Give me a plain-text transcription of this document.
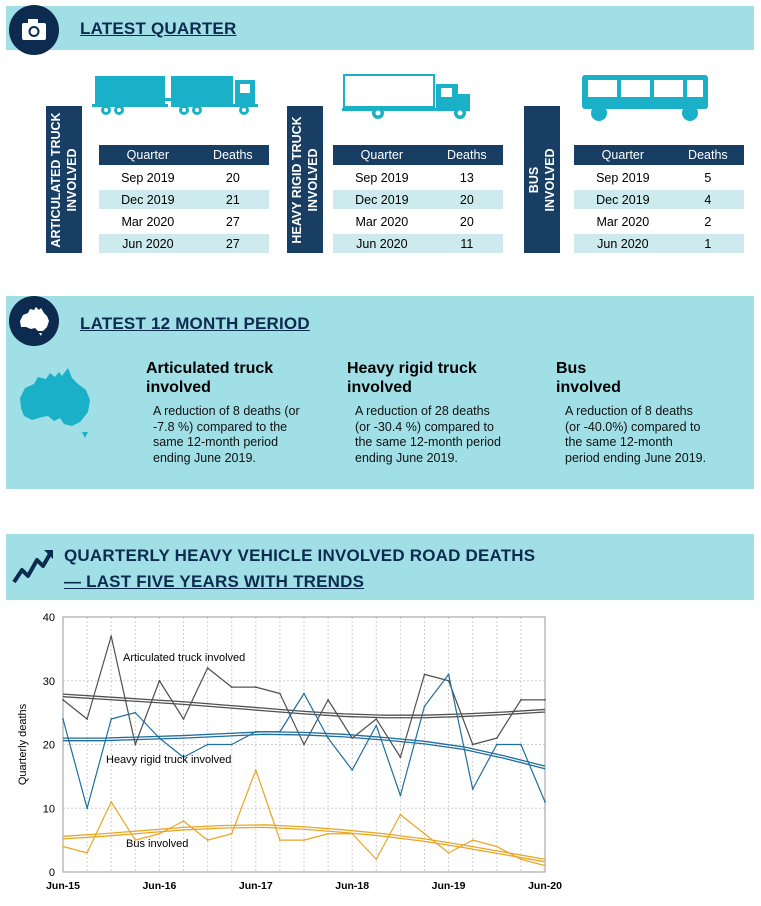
LATEST QUARTER
ARTICULATED TRUCK INVOLVED	Quarter	Deaths
Sep 2019	20
Dec 2019	21
Mar 2020	27
Jun 2020	27
HEAVY RIGID TRUCK INVOLVED	Quarter	Deaths
Sep 2019	13
Dec 2019	20
Mar 2020	20
Jun 2020	11
BUS INVOLVED	Quarter	Deaths
Sep 2019	5
Dec 2019	4
Mar 2020	2
Jun 2020	1
LATEST 12 MONTH PERIOD
Articulated truck
involved
A reduction of 8 deaths (or
-7.8 %) compared to the
same 12-month period
ending June 2019.
Heavy rigid truck
involved
A reduction of 28 deaths
(or -30.4 %) compared to
the same 12-month period
ending June 2019.
Bus
involved
A reduction of 8 deaths
(or -40.0%) compared to
the same 12-month
period ending June 2019.
QUARTERLY HEAVY VEHICLE INVOLVED ROAD DEATHS
— LAST FIVE YEARS WITH TRENDS
0
10
20
30
40
Jun-15	Jun-16	Jun-17	Jun-18	Jun-19	Jun-20
Quarterly deaths
Articulated truck involved
Heavy rigid truck involved
Bus involved
